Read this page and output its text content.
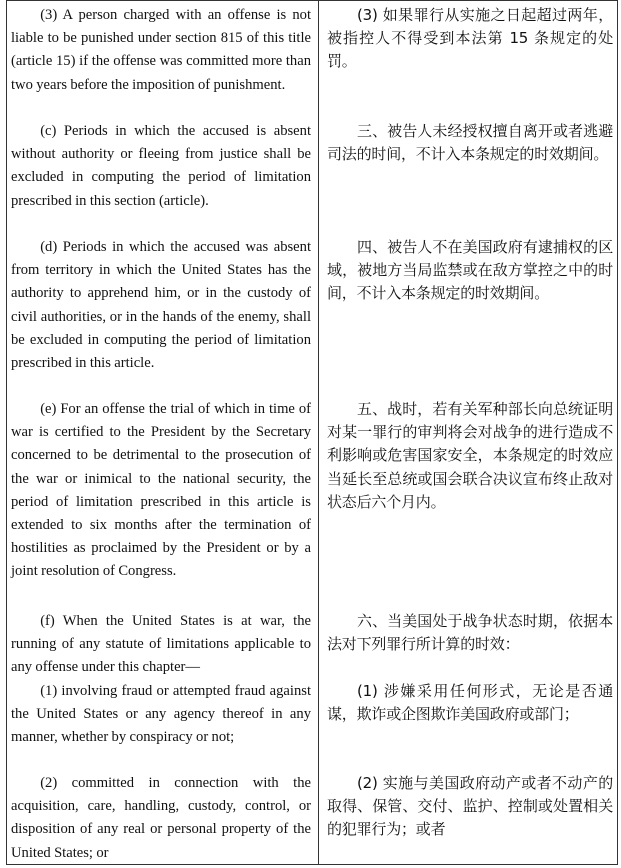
(3) A person charged with an offense is not liable to be punished under section 815 of this title (article 15) if the offense was committed more than two years before the imposition of punishment.
(3) 如果罪行从实施之日起超过两年，被指控人不得受到本法第 15 条规定的处罚。
(c) Periods in which the accused is absent without authority or fleeing from justice shall be excluded in computing the period of limitation prescribed in this section (article).
三、被告人未经授权擅自离开或者逃避司法的时间，不计入本条规定的时效期间。
(d) Periods in which the accused was absent from territory in which the United States has the authority to apprehend him, or in the custody of civil authorities, or in the hands of the enemy, shall be excluded in computing the period of limitation prescribed in this article.
四、被告人不在美国政府有逮捕权的区域，被地方当局监禁或在敌方掌控之中的时间，不计入本条规定的时效期间。
(e) For an offense the trial of which in time of war is certified to the President by the Secretary concerned to be detrimental to the prosecution of the war or inimical to the national security, the period of limitation prescribed in this article is extended to six months after the termination of hostilities as proclaimed by the President or by a joint resolution of Congress.
五、战时，若有关军种部长向总统证明对某一罪行的审判将会对战争的进行造成不利影响或危害国家安全，本条规定的时效应当延长至总统或国会联合决议宣布终止敌对状态后六个月内。
(f) When the United States is at war, the running of any statute of limitations applicable to any offense under this chapter—
六、当美国处于战争状态时期，依据本法对下列罪行所计算的时效：
(1) involving fraud or attempted fraud against the United States or any agency thereof in any manner, whether by conspiracy or not;
(1) 涉嫌采用任何形式，无论是否通谋，欺诈或企图欺诈美国政府或部门；
(2) committed in connection with the acquisition, care, handling, custody, control, or disposition of any real or personal property of the United States; or
(2) 实施与美国政府动产或者不动产的取得、保管、交付、监护、控制或处置相关的犯罪行为；或者
